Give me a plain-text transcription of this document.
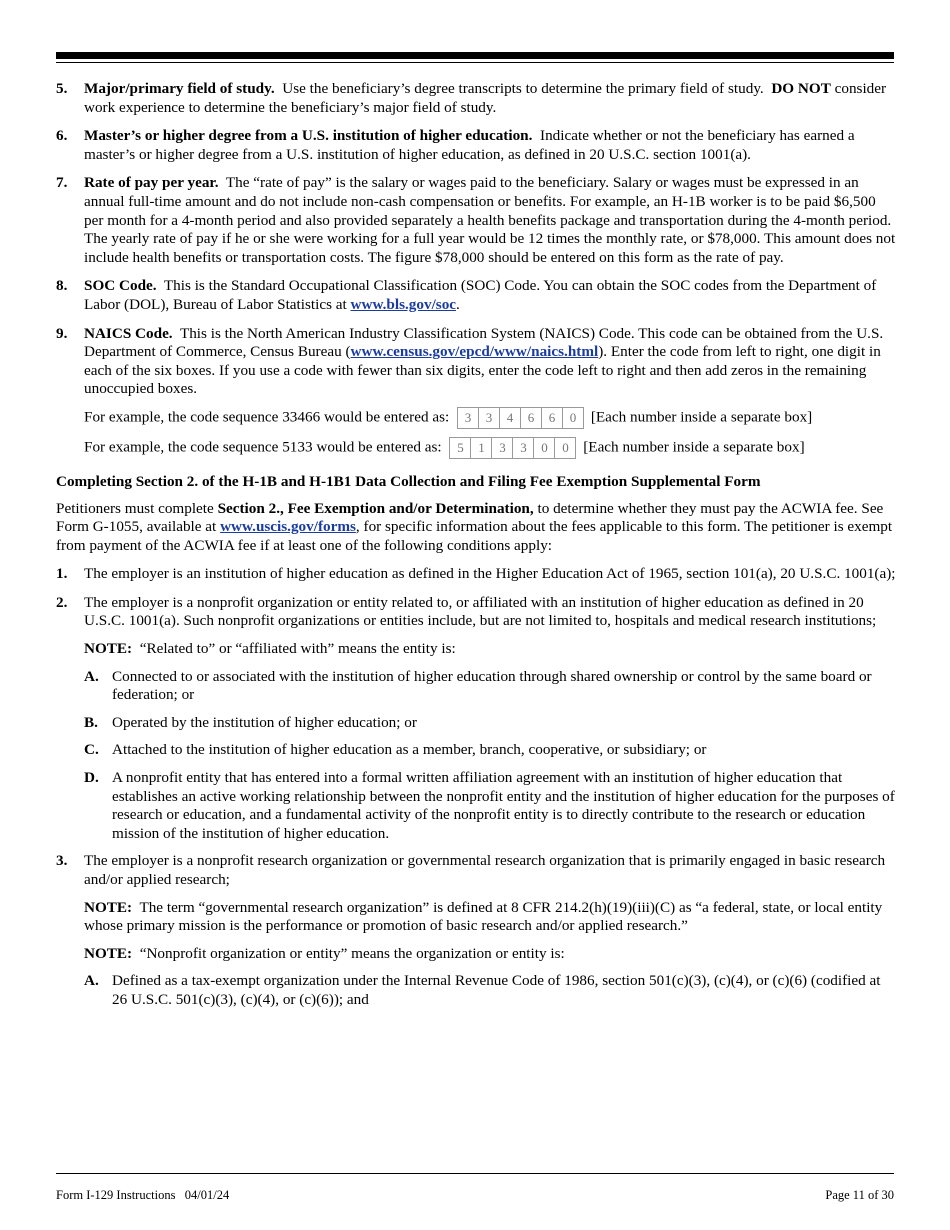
5. Major/primary field of study. Use the beneficiary’s degree transcripts to determine the primary field of study. DO NOT consider work experience to determine the beneficiary’s major field of study.
6. Master’s or higher degree from a U.S. institution of higher education. Indicate whether or not the beneficiary has earned a master’s or higher degree from a U.S. institution of higher education, as defined in 20 U.S.C. section 1001(a).
7. Rate of pay per year. The “rate of pay” is the salary or wages paid to the beneficiary. Salary or wages must be expressed in an annual full-time amount and do not include non-cash compensation or benefits. For example, an H-1B worker is to be paid $6,500 per month for a 4-month period and also provided separately a health benefits package and transportation during the 4-month period. The yearly rate of pay if he or she were working for a full year would be 12 times the monthly rate, or $78,000. This amount does not include health benefits or transportation costs. The figure $78,000 should be entered on this form as the rate of pay.
8. SOC Code. This is the Standard Occupational Classification (SOC) Code. You can obtain the SOC codes from the Department of Labor (DOL), Bureau of Labor Statistics at www.bls.gov/soc.
9. NAICS Code. This is the North American Industry Classification System (NAICS) Code. This code can be obtained from the U.S. Department of Commerce, Census Bureau (www.census.gov/epcd/www/naics.html). Enter the code from left to right, one digit in each of the six boxes. If you use a code with fewer than six digits, enter the code left to right and then add zeros in the remaining unoccupied boxes.
For example, the code sequence 33466 would be entered as:	3	3	4	6	6	0 [Each number inside a separate box]
For example, the code sequence 5133 would be entered as:	5	1	3	3	0	0 [Each number inside a separate box]
Completing Section 2. of the H-1B and H-1B1 Data Collection and Filing Fee Exemption Supplemental Form
Petitioners must complete Section 2., Fee Exemption and/or Determination, to determine whether they must pay the ACWIA fee. See Form G-1055, available at www.uscis.gov/forms, for specific information about the fees applicable to this form. The petitioner is exempt from payment of the ACWIA fee if at least one of the following conditions apply:
1. The employer is an institution of higher education as defined in the Higher Education Act of 1965, section 101(a), 20 U.S.C. 1001(a);
2. The employer is a nonprofit organization or entity related to, or affiliated with an institution of higher education as defined in 20 U.S.C. 1001(a). Such nonprofit organizations or entities include, but are not limited to, hospitals and medical research institutions;
NOTE: “Related to” or “affiliated with” means the entity is:
A. Connected to or associated with the institution of higher education through shared ownership or control by the same board or federation; or
B. Operated by the institution of higher education; or
C. Attached to the institution of higher education as a member, branch, cooperative, or subsidiary; or
D. A nonprofit entity that has entered into a formal written affiliation agreement with an institution of higher education that establishes an active working relationship between the nonprofit entity and the institution of higher education for the purposes of research or education, and a fundamental activity of the nonprofit entity is to directly contribute to the research or education mission of the institution of higher education.
3. The employer is a nonprofit research organization or governmental research organization that is primarily engaged in basic research and/or applied research;
NOTE: The term “governmental research organization” is defined at 8 CFR 214.2(h)(19)(iii)(C) as “a federal, state, or local entity whose primary mission is the performance or promotion of basic research and/or applied research.”
NOTE: “Nonprofit organization or entity” means the organization or entity is:
A. Defined as a tax-exempt organization under the Internal Revenue Code of 1986, section 501(c)(3), (c)(4), or (c)(6) (codified at 26 U.S.C. 501(c)(3), (c)(4), or (c)(6)); and
Form I-129 Instructions   04/01/24	Page 11 of 30
